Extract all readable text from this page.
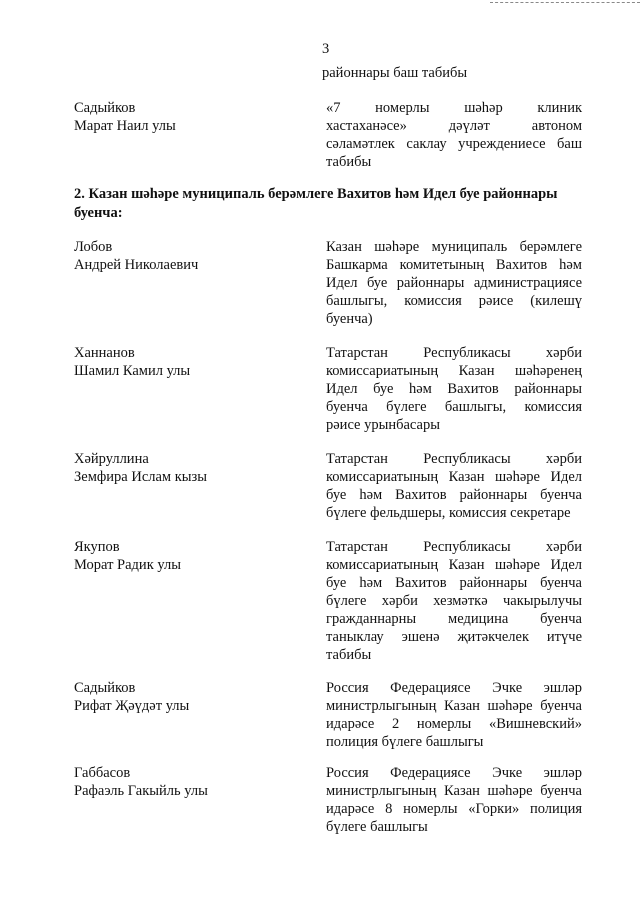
3
районнары баш табибы
Садыйков
Марат Наил улы
«7 номерлы шәһәр клиник
хастаханәсе» дәүләт автоном
сәламәтлек саклау учреждениесе баш
табибы
2. Казан шәһәре муниципаль берәмлеге Вахитов һәм Идел буе районнары буенча:
Лобов
Андрей Николаевич
Казан шәһәре муниципаль берәмлеге
Башкарма комитетының Вахитов һәм
Идел буе районнары администрациясе
башлыгы, комиссия рәисе (килешү
буенча)
Ханнанов
Шамил Камил улы
Татарстан Республикасы хәрби
комиссариатының Казан шәһәренең
Идел буе һәм Вахитов районнары
буенча бүлеге башлыгы, комиссия
рәисе урынбасары
Хәйруллина
Земфира Ислам кызы
Татарстан Республикасы хәрби
комиссариатының Казан шәһәре Идел
буе һәм Вахитов районнары буенча
бүлеге фельдшеры, комиссия секретаре
Якупов
Морат Радик улы
Татарстан Республикасы хәрби
комиссариатының Казан шәһәре Идел
буе һәм Вахитов районнары буенча
бүлеге хәрби хезмәткә чакырылучы
гражданнарны медицина буенча
таныклау эшенә җитәкчелек итүче
табибы
Садыйков
Рифат Җәүдәт улы
Россия Федерациясе Эчке эшләр
министрлыгының Казан шәһәре буенча
идарәсе 2 номерлы «Вишневский»
полиция бүлеге башлыгы
Габбасов
Рафаэль Гакыйль улы
Россия Федерациясе Эчке эшләр
министрлыгының Казан шәһәре буенча
идарәсе 8 номерлы «Горки» полиция
бүлеге башлыгы
